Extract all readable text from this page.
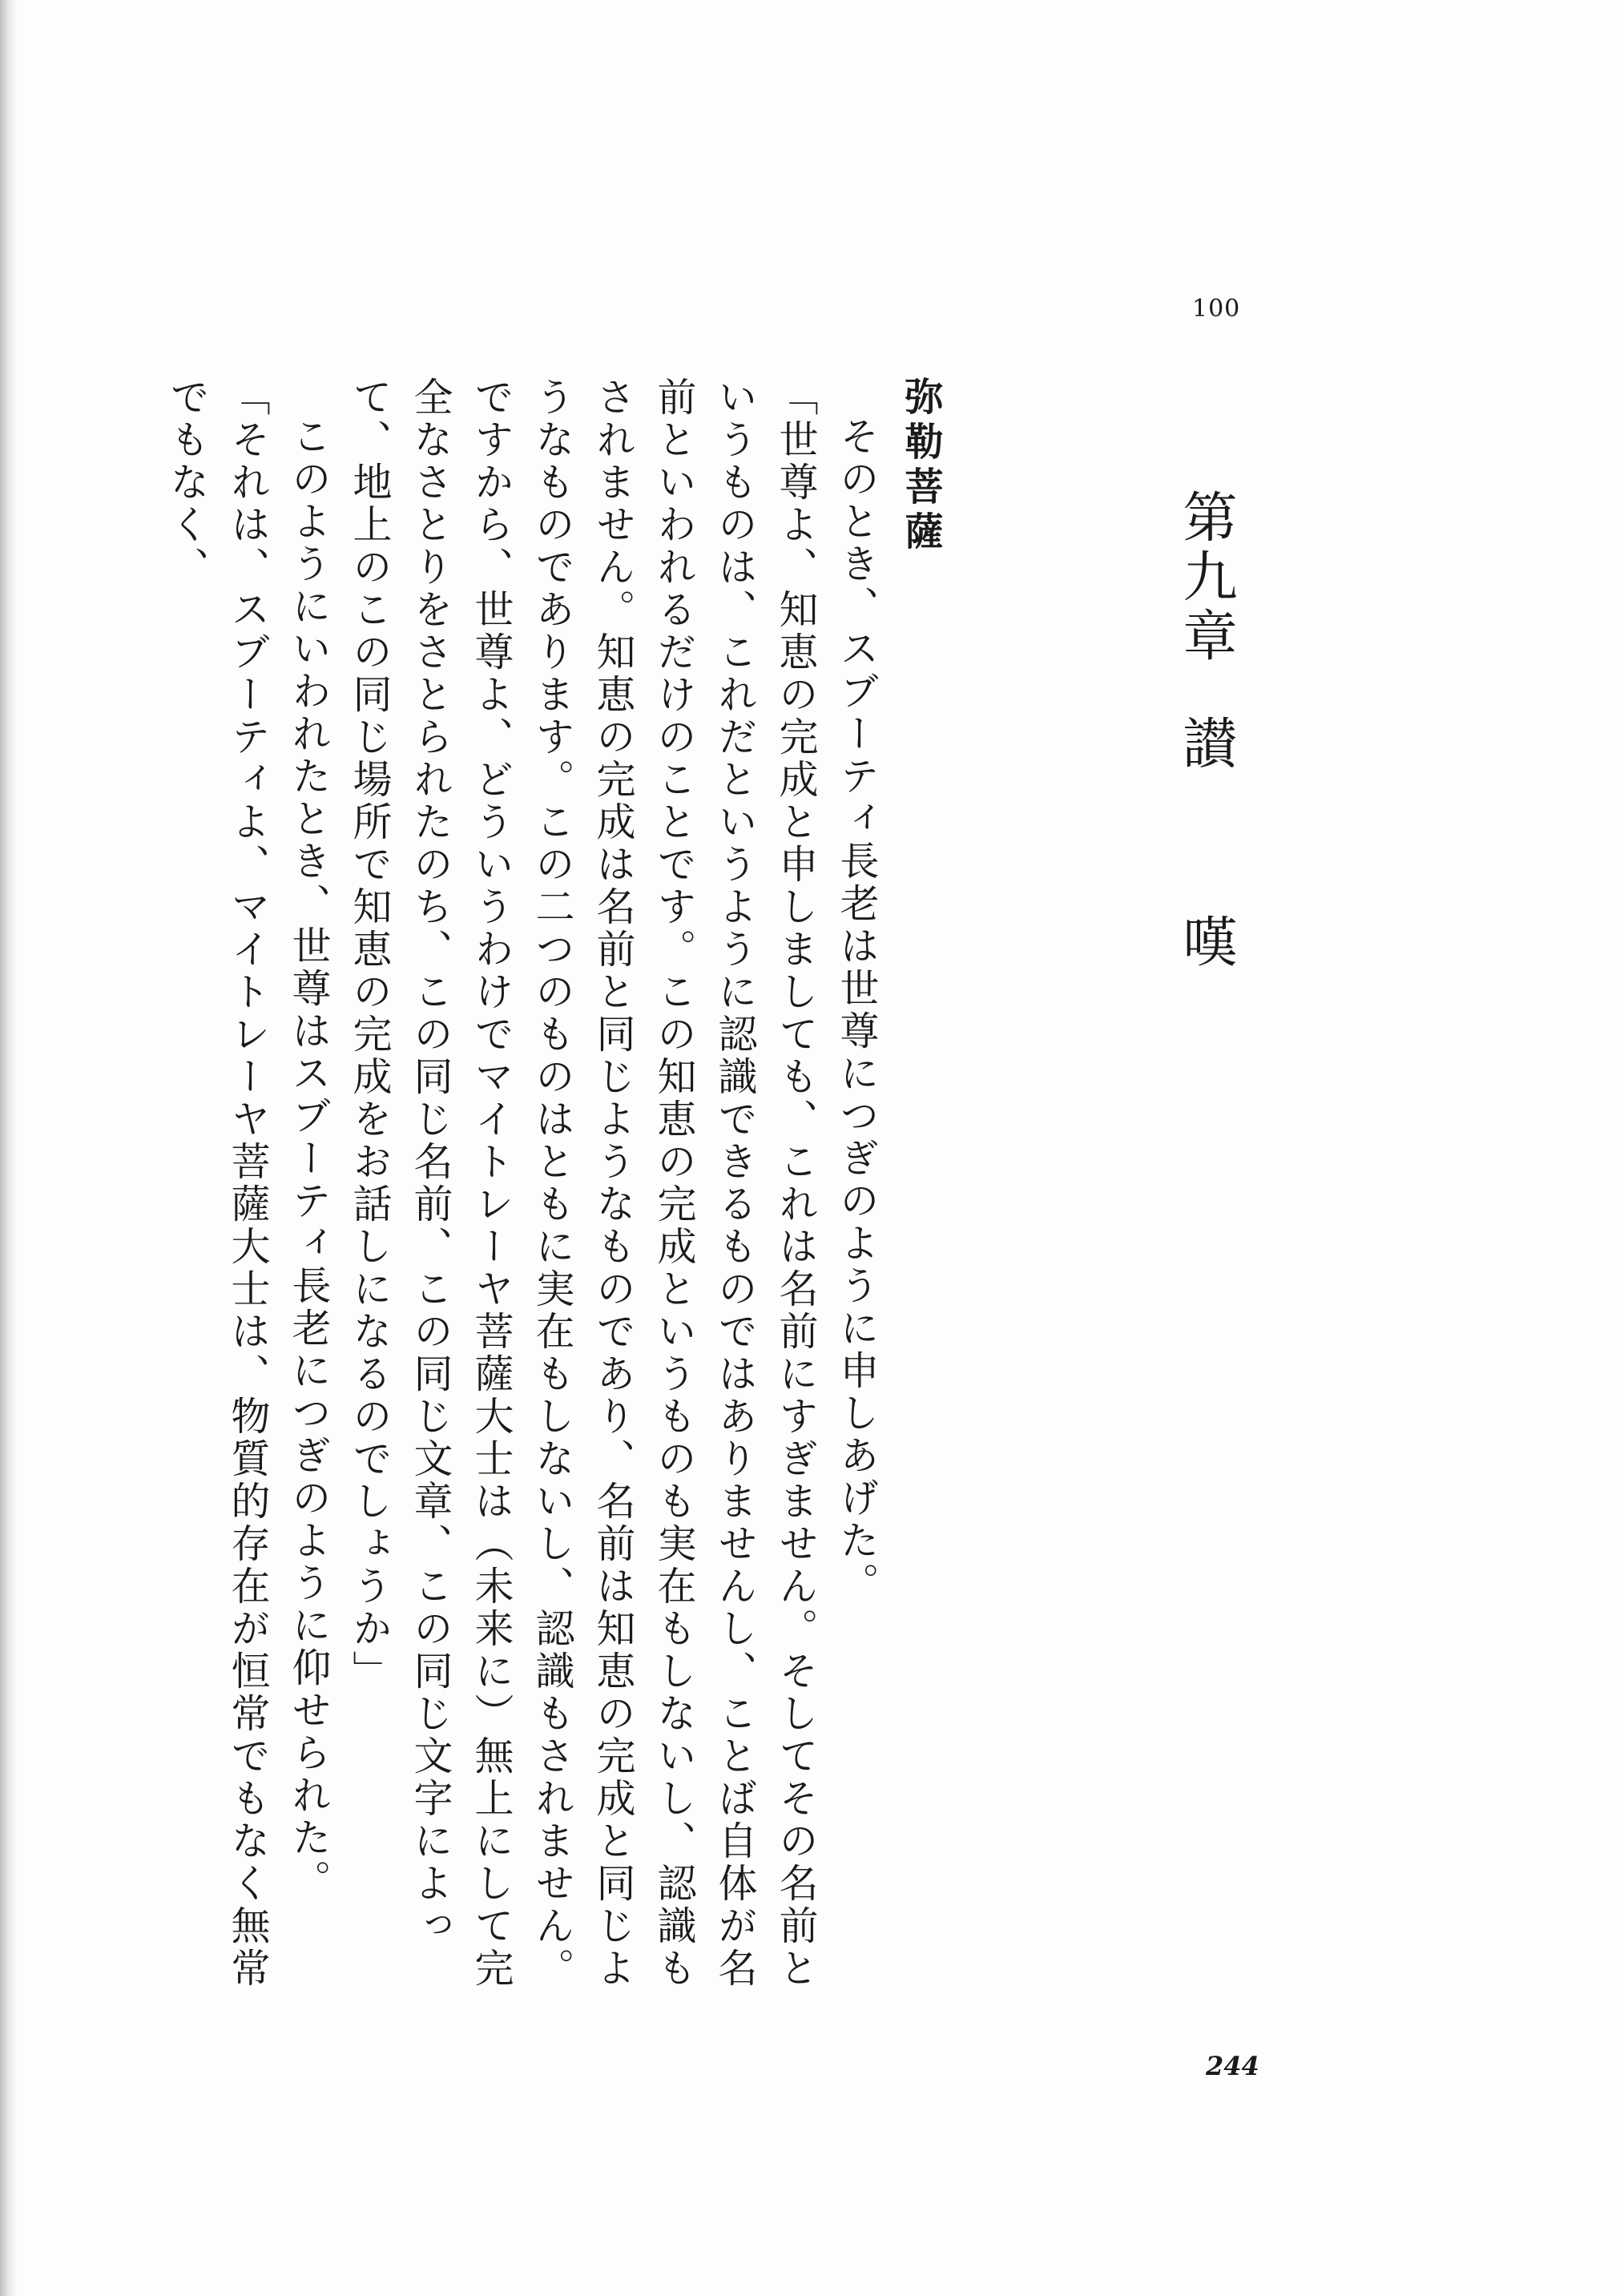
100
第九章讃　嘆
弥勒菩薩

そのとき、スブーティ長老は世尊につぎのように申しあげた。

「世尊よ、知恵の完成と申しましても、これは名前にすぎません。そしてその名前というものは、これだというように認識できるものではありませんし、ことば自体が名前といわれるだけのことです。この知恵の完成というものも実在もしないし、認識もされません。知恵の完成は名前と同じようなものであり、名前は知恵の完成と同じようなものであります。この二つのものはともに実在もしないし、認識もされません。ですから、世尊よ、どういうわけでマイトレーヤ菩薩大士は（未来に）無上にして完全なさとりをさとられたのち、この同じ名前、この同じ文章、この同じ文字によって、地上のこの同じ場所で知恵の完成をお話しになるのでしょうか」

このようにいわれたとき、世尊はスブーティ長老につぎのように仰せられた。

「それは、スブーティよ、マイトレーヤ菩薩大士は、物質的存在が恒常でもなく無常でもなく、

244
